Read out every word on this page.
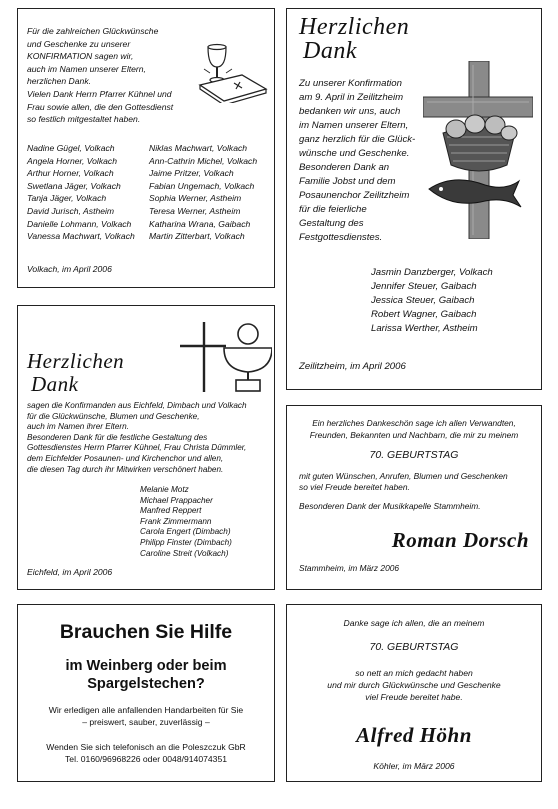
Für die zahlreichen Glückwünsche
und Geschenke zu unserer
KONFIRMATION sagen wir,
auch im Namen unserer Eltern,
herzlichen Dank.
Vielen Dank Herrn Pfarrer Kühnel und
Frau sowie allen, die den Gottesdienst
so festlich mitgestaltet haben.
Nadine Gügel, Volkach
Angela Horner, Volkach
Arthur Horner, Volkach
Swetlana Jäger, Volkach
Tanja Jäger, Volkach
David Jurisch, Astheim
Danielle Lohmann, Volkach
Vanessa Machwart, Volkach
Niklas Machwart, Volkach
Ann-Cathrin Michel, Volkach
Jaime Pritzer, Volkach
Fabian Ungemach, Volkach
Sophia Werner, Astheim
Teresa Werner, Astheim
Katharina Wrana, Gaibach
Martin Zitterbart, Volkach
Volkach, im April 2006
Herzlichen
Dank
Zu unserer Konfirmation
am 9. April in Zeilitzheim
bedanken wir uns, auch
im Namen unserer Eltern,
ganz herzlich für die Glück-
wünsche und Geschenke.
Besonderen Dank an
Familie Jobst und dem
Posaunenchor Zeilitzheim
für die feierliche
Gestaltung des
Festgottesdienstes.
Jasmin Danzberger, Volkach
Jennifer Steuer, Gaibach
Jessica Steuer, Gaibach
Robert Wagner, Gaibach
Larissa Werther, Astheim
Zeilitzheim, im April 2006
Herzlichen
Dank
sagen die Konfirmanden aus Eichfeld, Dimbach und Volkach
für die Glückwünsche, Blumen und Geschenke,
auch im Namen ihrer Eltern.
Besonderen Dank für die festliche Gestaltung des
Gottesdienstes Herrn Pfarrer Kühnel, Frau Christa Dümmler,
dem Eichfelder Posaunen- und Kirchenchor und allen,
die diesen Tag durch ihr Mitwirken verschönert haben.
Melanie Motz
Michael Prappacher
Manfred Reppert
Frank Zimmermann
Carola Engert (Dimbach)
Philipp Finster (Dimbach)
Caroline Streit (Volkach)
Eichfeld, im April 2006
Ein herzliches Dankeschön sage ich allen Verwandten,
Freunden, Bekannten und Nachbarn, die mir zu meinem
70. GEBURTSTAG
mit guten Wünschen, Anrufen, Blumen und Geschenken
so viel Freude bereitet haben.
Besonderen Dank der Musikkapelle Stammheim.
Roman Dorsch
Stammheim, im März 2006
Brauchen Sie Hilfe
im Weinberg oder beim
Spargelstechen?
Wir erledigen alle anfallenden Handarbeiten für Sie
– preiswert, sauber, zuverlässig –
Wenden Sie sich telefonisch an die Poleszczuk GbR
Tel. 0160/96968226 oder 0048/914074351
Danke sage ich allen, die an meinem
70. GEBURTSTAG
so nett an mich gedacht haben
und mir durch Glückwünsche und Geschenke
viel Freude bereitet habe.
Alfred Höhn
Köhler, im März 2006
